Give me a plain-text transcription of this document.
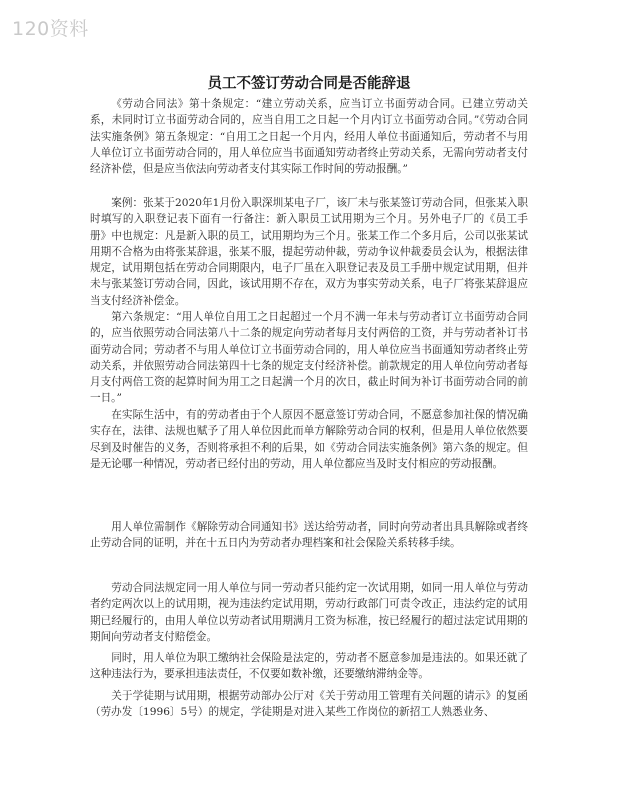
120资料
员工不签订劳动合同是否能辞退

《劳动合同法》第十条规定：“建立劳动关系，应当订立书面劳动合同。已建立劳动关系，未同时订立书面劳动合同的，应当自用工之日起一个月内订立书面劳动合同。”《劳动合同法实施条例》第五条规定：“自用工之日起一个月内，经用人单位书面通知后，劳动者不与用人单位订立书面劳动合同的，用人单位应当书面通知劳动者终止劳动关系，无需向劳动者支付经济补偿，但是应当依法向劳动者支付其实际工作时间的劳动报酬。”

案例：张某于2020年1月份入职深圳某电子厂，该厂未与张某签订劳动合同，但张某入职时填写的入职登记表下面有一行备注：新入职员工试用期为三个月。另外电子厂的《员工手册》中也规定：凡是新入职的员工，试用期均为三个月。张某工作二个多月后，公司以张某试用期不合格为由将张某辞退，张某不服，提起劳动仲裁，劳动争议仲裁委员会认为，根据法律规定，试用期包括在劳动合同期限内，电子厂虽在入职登记表及员工手册中规定试用期，但并未与张某签订劳动合同，因此，该试用期不存在，双方为事实劳动关系，电子厂将张某辞退应当支付经济补偿金。

第六条规定：“用人单位自用工之日起超过一个月不满一年未与劳动者订立书面劳动合同的，应当依照劳动合同法第八十二条的规定向劳动者每月支付两倍的工资，并与劳动者补订书面劳动合同；劳动者不与用人单位订立书面劳动合同的，用人单位应当书面通知劳动者终止劳动关系，并依照劳动合同法第四十七条的规定支付经济补偿。前款规定的用人单位向劳动者每月支付两倍工资的起算时间为用工之日起满一个月的次日，截止时间为补订书面劳动合同的前一日。”

在实际生活中，有的劳动者由于个人原因不愿意签订劳动合同，不愿意参加社保的情况确实存在，法律、法规也赋予了用人单位因此而单方解除劳动合同的权利，但是用人单位依然要尽到及时催告的义务，否则将承担不利的后果，如《劳动合同法实施条例》第六条的规定。但是无论哪一种情况，劳动者已经付出的劳动，用人单位都应当及时支付相应的劳动报酬。

用人单位需制作《解除劳动合同通知书》送达给劳动者，同时向劳动者出具具解除或者终止劳动合同的证明，并在十五日内为劳动者办理档案和社会保险关系转移手续。

劳动合同法规定同一用人单位与同一劳动者只能约定一次试用期，如同一用人单位与劳动者约定两次以上的试用期，视为违法约定试用期，劳动行政部门可责令改正，违法约定的试用期已经履行的，由用人单位以劳动者试用期满月工资为标准，按已经履行的超过法定试用期的期间向劳动者支付赔偿金。

同时，用人单位为职工缴纳社会保险是法定的，劳动者不愿意参加是违法的。如果还就了这种违法行为，要承担违法责任，不仅要如数补缴，还要缴纳滞纳金等。

关于学徒期与试用期，根据劳动部办公厅对《关于劳动用工管理有关问题的请示》的复函（劳办发〔1996〕5号）的规定，学徒期是对进入某些工作岗位的新招工人熟悉业务、
